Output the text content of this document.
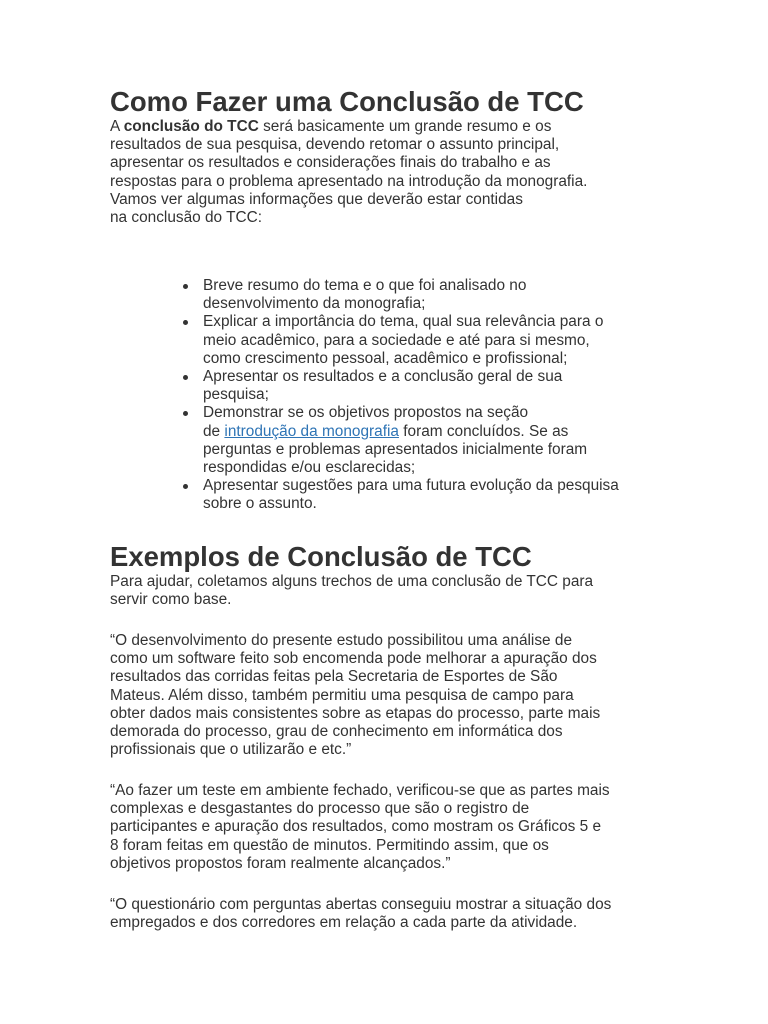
Como Fazer uma Conclusão de TCC

A conclusão do TCC será basicamente um grande resumo e os
resultados de sua pesquisa, devendo retomar o assunto principal,
apresentar os resultados e considerações finais do trabalho e as
respostas para o problema apresentado na introdução da monografia.
Vamos ver algumas informações que deverão estar contidas
na conclusão do TCC:

Breve resumo do tema e o que foi analisado no
desenvolvimento da monografia;
Explicar a importância do tema, qual sua relevância para o
meio acadêmico, para a sociedade e até para si mesmo,
como crescimento pessoal, acadêmico e profissional;
Apresentar os resultados e a conclusão geral de sua
pesquisa;
Demonstrar se os objetivos propostos na seção
de introdução da monografia foram concluídos. Se as
perguntas e problemas apresentados inicialmente foram
respondidas e/ou esclarecidas;
Apresentar sugestões para uma futura evolução da pesquisa
sobre o assunto.
Exemplos de Conclusão de TCC

Para ajudar, coletamos alguns trechos de uma conclusão de TCC para
servir como base.

“O desenvolvimento do presente estudo possibilitou uma análise de
como um software feito sob encomenda pode melhorar a apuração dos
resultados das corridas feitas pela Secretaria de Esportes de São
Mateus. Além disso, também permitiu uma pesquisa de campo para
obter dados mais consistentes sobre as etapas do processo, parte mais
demorada do processo, grau de conhecimento em informática dos
profissionais que o utilizarão e etc.”

“Ao fazer um teste em ambiente fechado, verificou-se que as partes mais
complexas e desgastantes do processo que são o registro de
participantes e apuração dos resultados, como mostram os Gráficos 5 e
8 foram feitas em questão de minutos. Permitindo assim, que os
objetivos propostos foram realmente alcançados.”

“O questionário com perguntas abertas conseguiu mostrar a situação dos
empregados e dos corredores em relação a cada parte da atividade.
